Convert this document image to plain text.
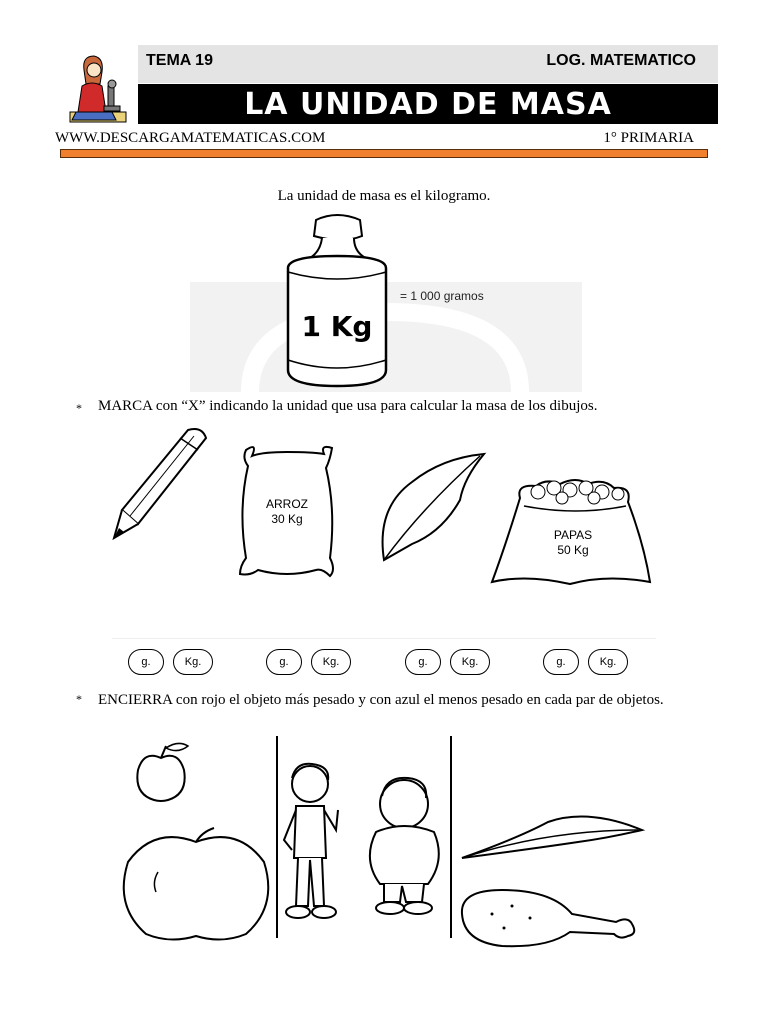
TEMA 19	LOG. MATEMATICO
LA UNIDAD DE MASA
WWW.DESCARGAMATEMATICAS.COM	1° PRIMARIA
La unidad de masa es el kilogramo.
1 Kg
= 1 000 gramos
* MARCA con “X” indicando la unidad que usa para calcular la masa de los dibujos.
ARROZ
30 Kg
PAPAS
50 Kg
g.	Kg.	g.	Kg.	g.	Kg.	g.	Kg.
* ENCIERRA con rojo el objeto más pesado y con azul el menos pesado en cada par de objetos.
